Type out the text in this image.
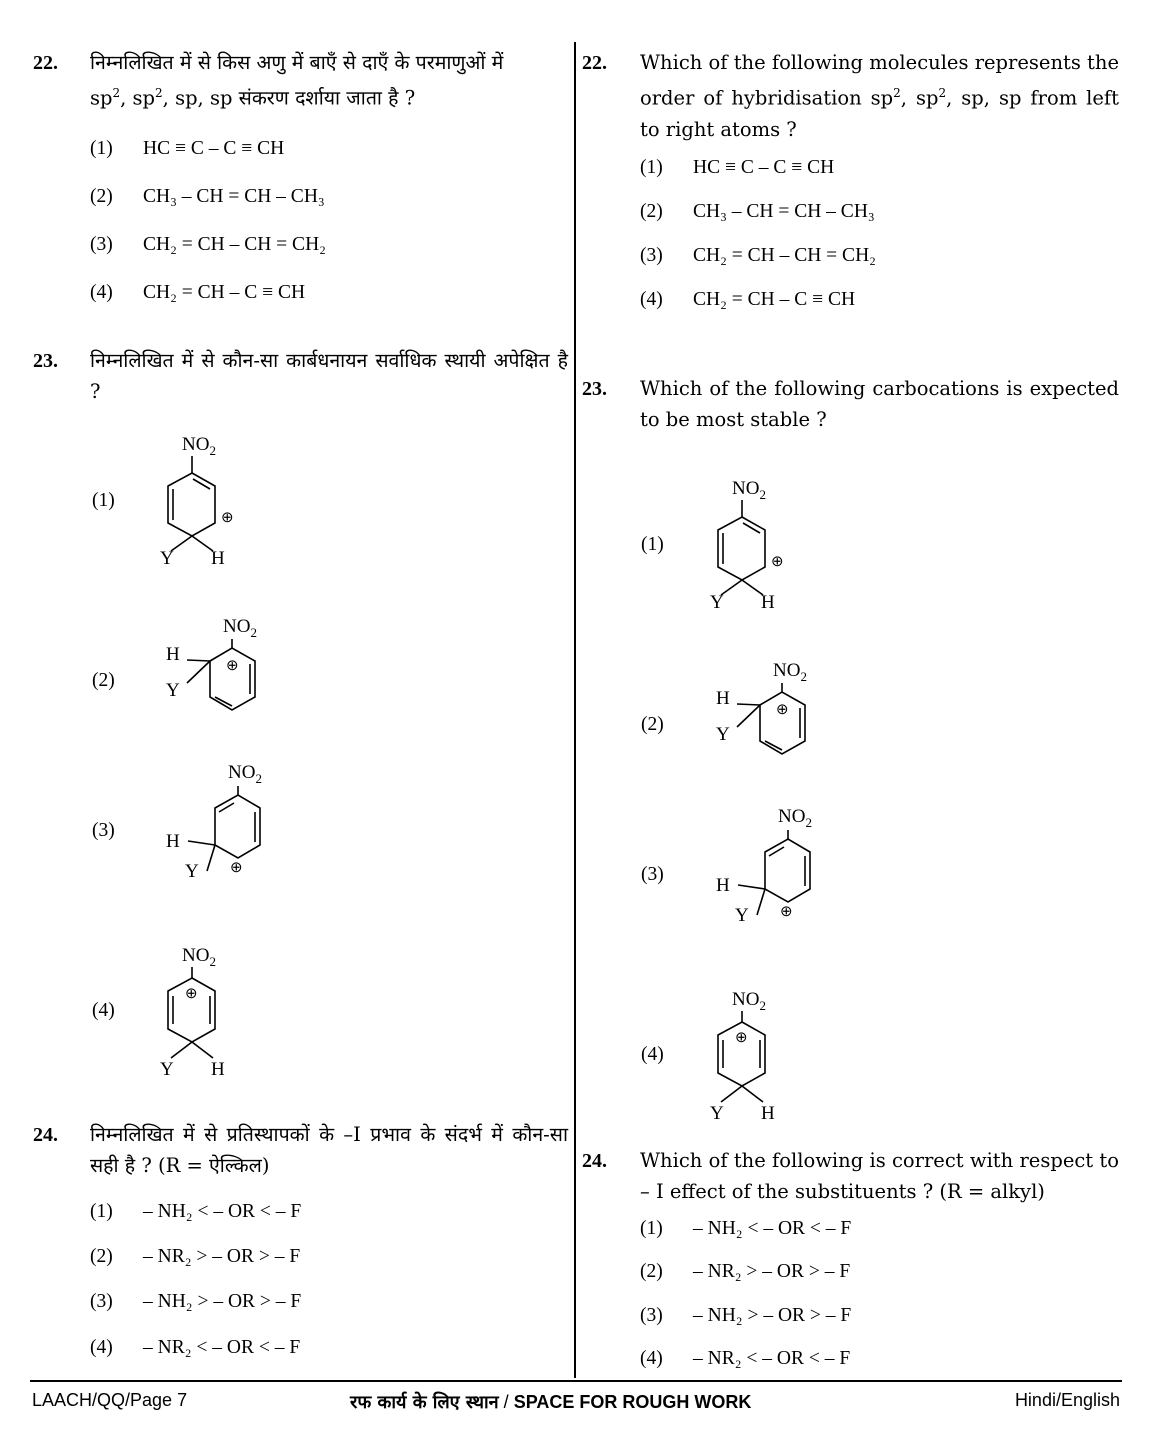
22. निम्नलिखित में से किस अणु में बाएँ से दाएँ के परमाणुओं में
$sp^2$, $sp^2$, sp, sp संकरण दर्शाया जाता है ?
(1) HC ≡ C – C ≡ CH
(2) CH₃ – CH = CH – CH₃
(3) CH₂ = CH – CH = CH₂
(4) CH₂ = CH – C ≡ CH
23. निम्नलिखित में से कौन-सा कार्बधनायन सर्वाधिक स्थायी अपेक्षित है ?
(1)
(2)
(3)
(4)
$NO_2$
⊕
Y H
$NO_2$
⊕
H
Y
$NO_2$
⊕
H
Y
$NO_2$
⊕
Y H
24. निम्नलिखित में से प्रतिस्थापकों के –I प्रभाव के संदर्भ में कौन-सा सही है ? (R = ऐल्किल)
(1) – NH₂ < – OR < – F
(2) – NR₂ > – OR > – F
(3) – NH₂ > – OR > – F
(4) – NR₂ < – OR < – F
22. Which of the following molecules represents the order of hybridisation $sp^2$, $sp^2$, sp, sp from left to right atoms ?
(1) HC ≡ C – C ≡ CH
(2) CH₃ – CH = CH – CH₃
(3) CH₂ = CH – CH = CH₂
(4) CH₂ = CH – C ≡ CH
23. Which of the following carbocations is expected to be most stable ?
(1)
(2)
(3)
(4)
$NO_2$
⊕
Y H
$NO_2$
⊕
H
Y
$NO_2$
⊕
H
Y
$NO_2$
⊕
Y H
24. Which of the following is correct with respect to – I effect of the substituents ? (R = alkyl)
(1) – NH₂ < – OR < – F
(2) – NR₂ > – OR > – F
(3) – NH₂ > – OR > – F
(4) – NR₂ < – OR < – F
LAACH/QQ/Page 7	रफ कार्य के लिए स्थान / SPACE FOR ROUGH WORK	Hindi/English
